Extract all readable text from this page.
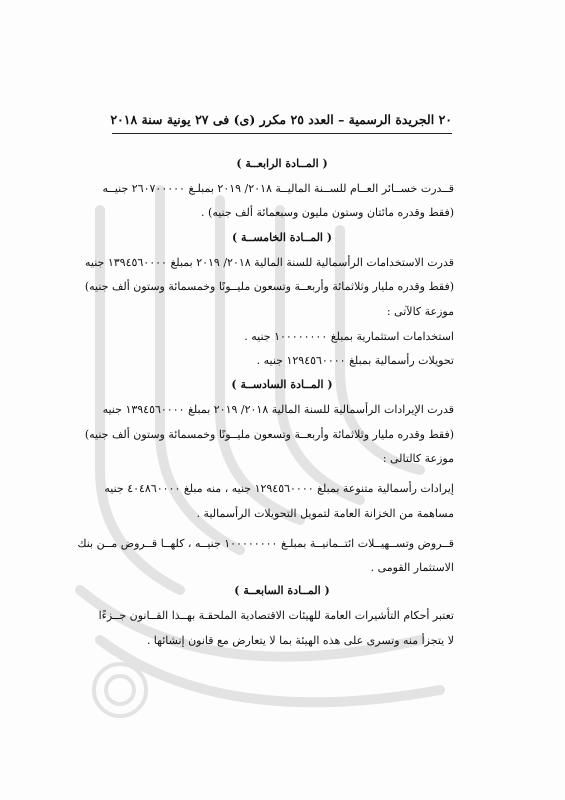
٢٠ الجريدة الرسمية – العدد ٢٥ مكرر (ى) فى ٢٧ يونية سنة ٢٠١٨
( المــادة الرابعــة )
قــدرت خســائر العــام للســنة الماليــة ٢٠١٨/ ٢٠١٩ بمبلـغ ٢٦٠٧٠٠٠٠٠ جنيــه
(فقط وقدره مائتان وستون مليون وسبعمائة ألف جنيه) .
( المــادة الخامســة )
قدرت الاستخدامات الرأسمالية للسنة المالية ٢٠١٨/ ٢٠١٩ بمبلغ ١٣٩٤٥٦٠٠٠٠ جنيه
(فقط وقدره مليار وثلاثمائة وأربعــة وتسعون مليــونًا وخمسمائة وستون ألف جنيه)
موزعة كالآتى :
استخدامات استثمارية بمبلغ ١٠٠٠٠٠٠٠٠ جنيه .
تحويلات رأسمالية بمبلغ ١٢٩٤٥٦٠٠٠٠ جنيه .
( المــادة السادســة )
قدرت الإيرادات الرأسمالية للسنة المالية ٢٠١٨/ ٢٠١٩ بمبلغ ١٣٩٤٥٦٠٠٠٠ جنيه
(فقط وقدره مليار وثلاثمائة وأربعــة وتسعون مليــونًا وخمسمائة وستون ألف جنيه)
موزعة كالتالى :
إيرادات رأسمالية متنوعة بمبلغ ١٢٩٤٥٦٠٠٠٠ جنيه ، منه مبلغ ٤٠٤٨٦٠٠٠٠ جنيه
مساهمة من الخزانة العامة لتمويل التحويلات الرأسمالية .
قــروض وتســهيــلات ائتــمانيــة بمبلـغ ١٠٠٠٠٠٠٠٠ جنيــه ، كلهــا قــروض مــن بنك
الاستثمار القومى .
( المــادة السابعــة )
تعتبر أحكام التأشيرات العامة للهيئات الاقتصادية الملحقـة بهــذا القــانون جــزءًا
لا يتجزأ منه وتسرى على هذه الهيئة بما لا يتعارض مع قانون إنشائها .
